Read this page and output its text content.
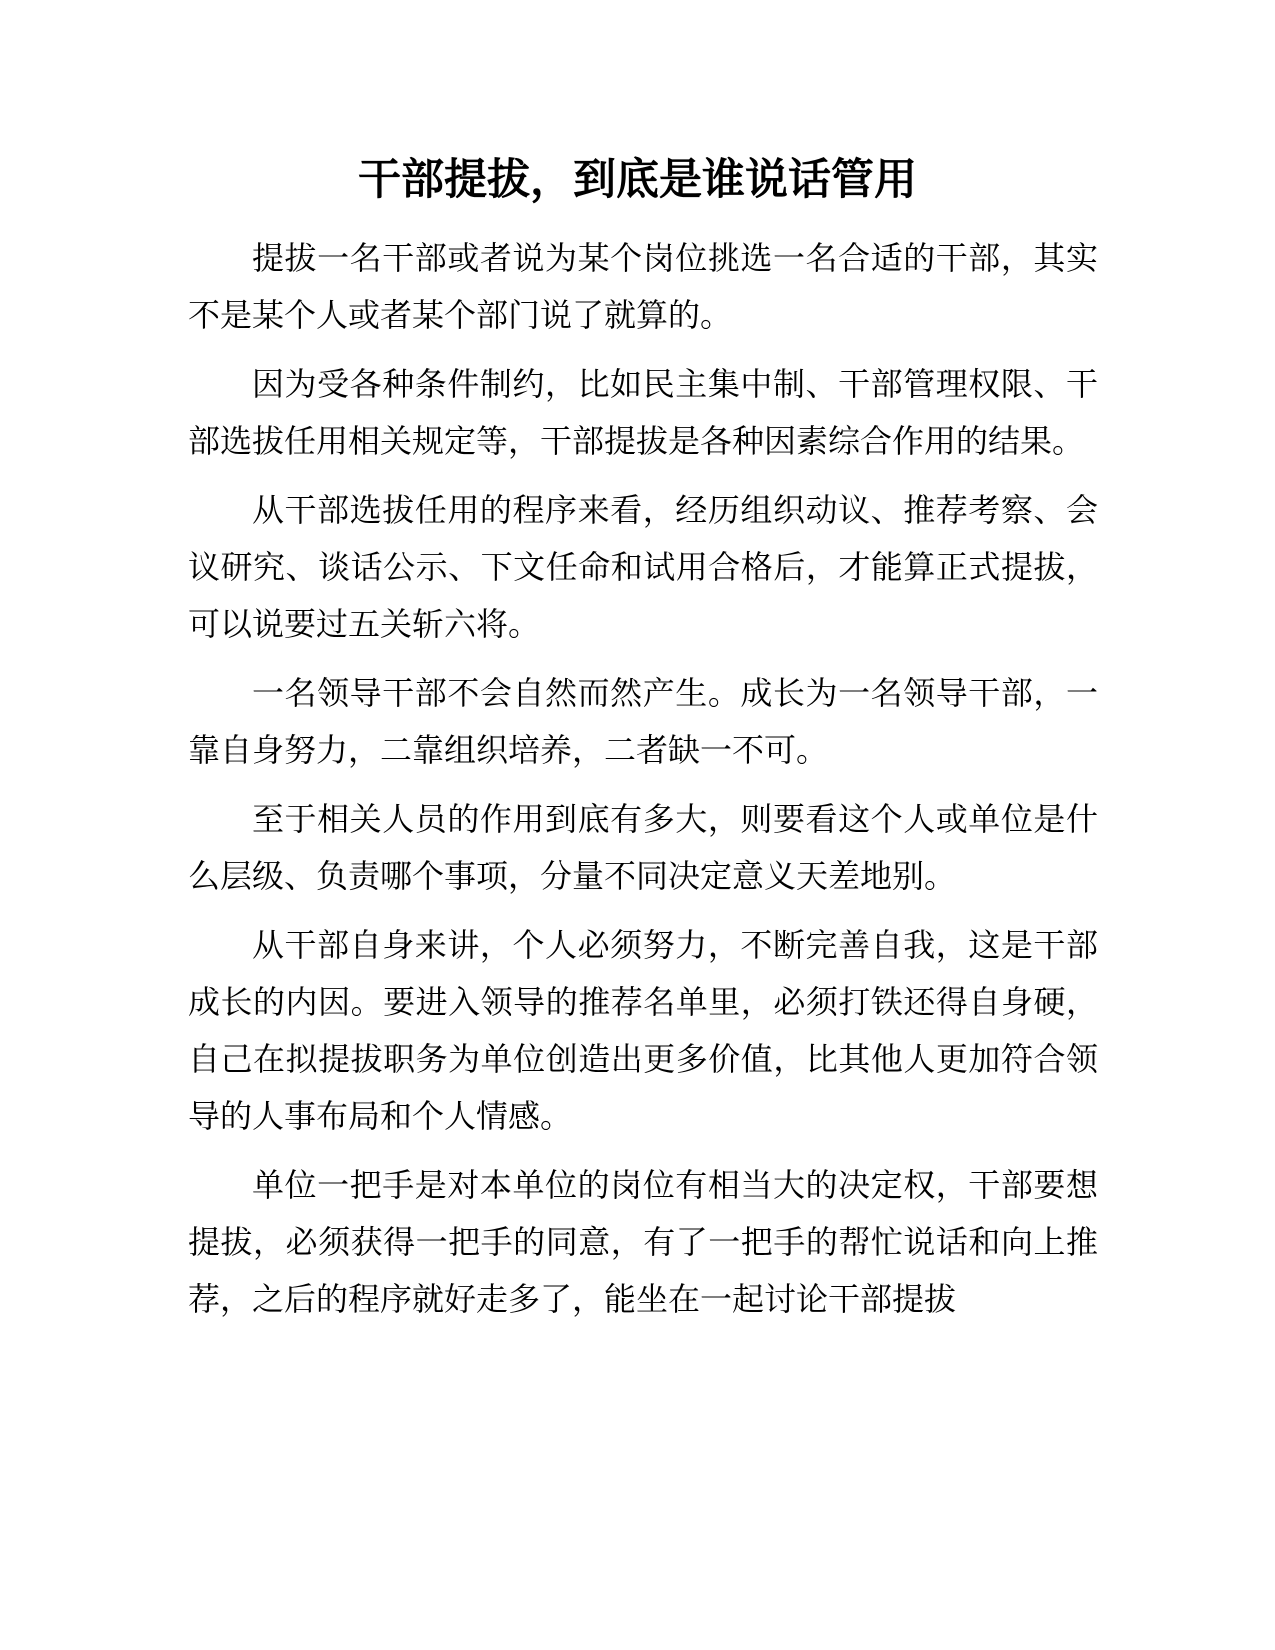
干部提拔，到底是谁说话管用

提拔一名干部或者说为某个岗位挑选一名合适的干部，其实不是某个人或者某个部门说了就算的。

因为受各种条件制约，比如民主集中制、干部管理权限、干部选拔任用相关规定等，干部提拔是各种因素综合作用的结果。

从干部选拔任用的程序来看，经历组织动议、推荐考察、会议研究、谈话公示、下文任命和试用合格后，才能算正式提拔，可以说要过五关斩六将。

一名领导干部不会自然而然产生。成长为一名领导干部，一靠自身努力，二靠组织培养，二者缺一不可。

至于相关人员的作用到底有多大，则要看这个人或单位是什么层级、负责哪个事项，分量不同决定意义天差地别。

从干部自身来讲，个人必须努力，不断完善自我，这是干部成长的内因。要进入领导的推荐名单里，必须打铁还得自身硬，自己在拟提拔职务为单位创造出更多价值，比其他人更加符合领导的人事布局和个人情感。

单位一把手是对本单位的岗位有相当大的决定权，干部要想提拔，必须获得一把手的同意，有了一把手的帮忙说话和向上推荐，之后的程序就好走多了，能坐在一起讨论干部提拔
